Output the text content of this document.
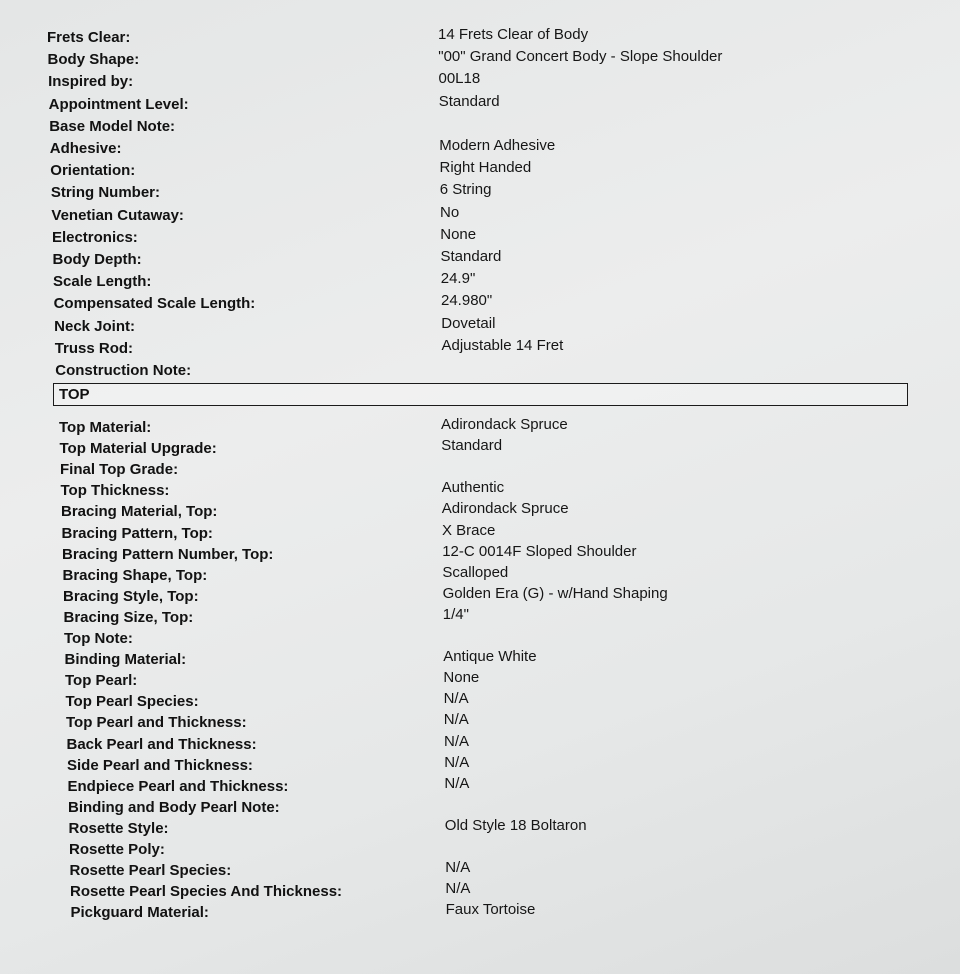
Frets Clear:	14 Frets Clear of Body
Body Shape:	"00" Grand Concert Body - Slope Shoulder
Inspired by:	00L18
Appointment Level:	Standard
Base Model Note:
Adhesive:	Modern Adhesive
Orientation:	Right Handed
String Number:	6 String
Venetian Cutaway:	No
Electronics:	None
Body Depth:	Standard
Scale Length:	24.9"
Compensated Scale Length:	24.980"
Neck Joint:	Dovetail
Truss Rod:	Adjustable 14 Fret
Construction Note:
TOP
Top Material:	Adirondack Spruce
Top Material Upgrade:	Standard
Final Top Grade:
Top Thickness:	Authentic
Bracing Material, Top:	Adirondack Spruce
Bracing Pattern, Top:	X Brace
Bracing Pattern Number, Top:	12-C 0014F Sloped Shoulder
Bracing Shape, Top:	Scalloped
Bracing Style, Top:	Golden Era (G) - w/Hand Shaping
Bracing Size, Top:	1/4"
Top Note:
Binding Material:	Antique White
Top Pearl:	None
Top Pearl Species:	N/A
Top Pearl and Thickness:	N/A
Back Pearl and Thickness:	N/A
Side Pearl and Thickness:	N/A
Endpiece Pearl and Thickness:	N/A
Binding and Body Pearl Note:
Rosette Style:	Old Style 18 Boltaron
Rosette Poly:
Rosette Pearl Species:	N/A
Rosette Pearl Species And Thickness:	N/A
Pickguard Material:	Faux Tortoise
